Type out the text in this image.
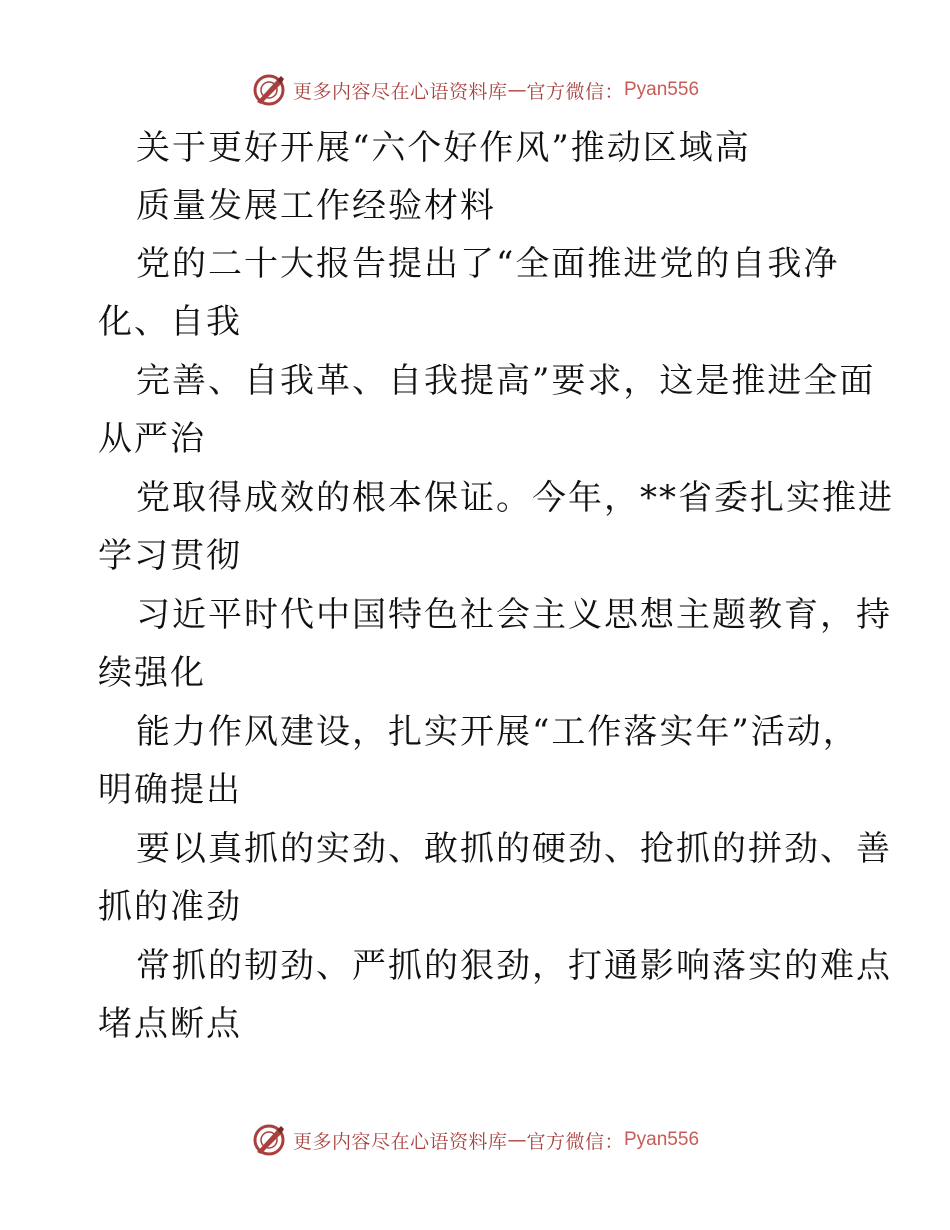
更多内容尽在心语资料库 — 官方微信： Pyan556
关于更好开展“六个好作风”推动区域高
质量发展工作经验材料
党的二十大报告提出了“全面推进党的自我净
化、自我
完善、自我革、自我提高”要求，这是推进全面
从严治
党取得成效的根本保证。今年，**省委扎实推进
学习贯彻
习近平时代中国特色社会主义思想主题教育，持
续强化
能力作风建设，扎实开展“工作落实年”活动，
明确提出
要以真抓的实劲、敢抓的硬劲、抢抓的拼劲、善
抓的准劲
常抓的韧劲、严抓的狠劲，打通影响落实的难点
堵点断点
更多内容尽在心语资料库 — 官方微信： Pyan556
